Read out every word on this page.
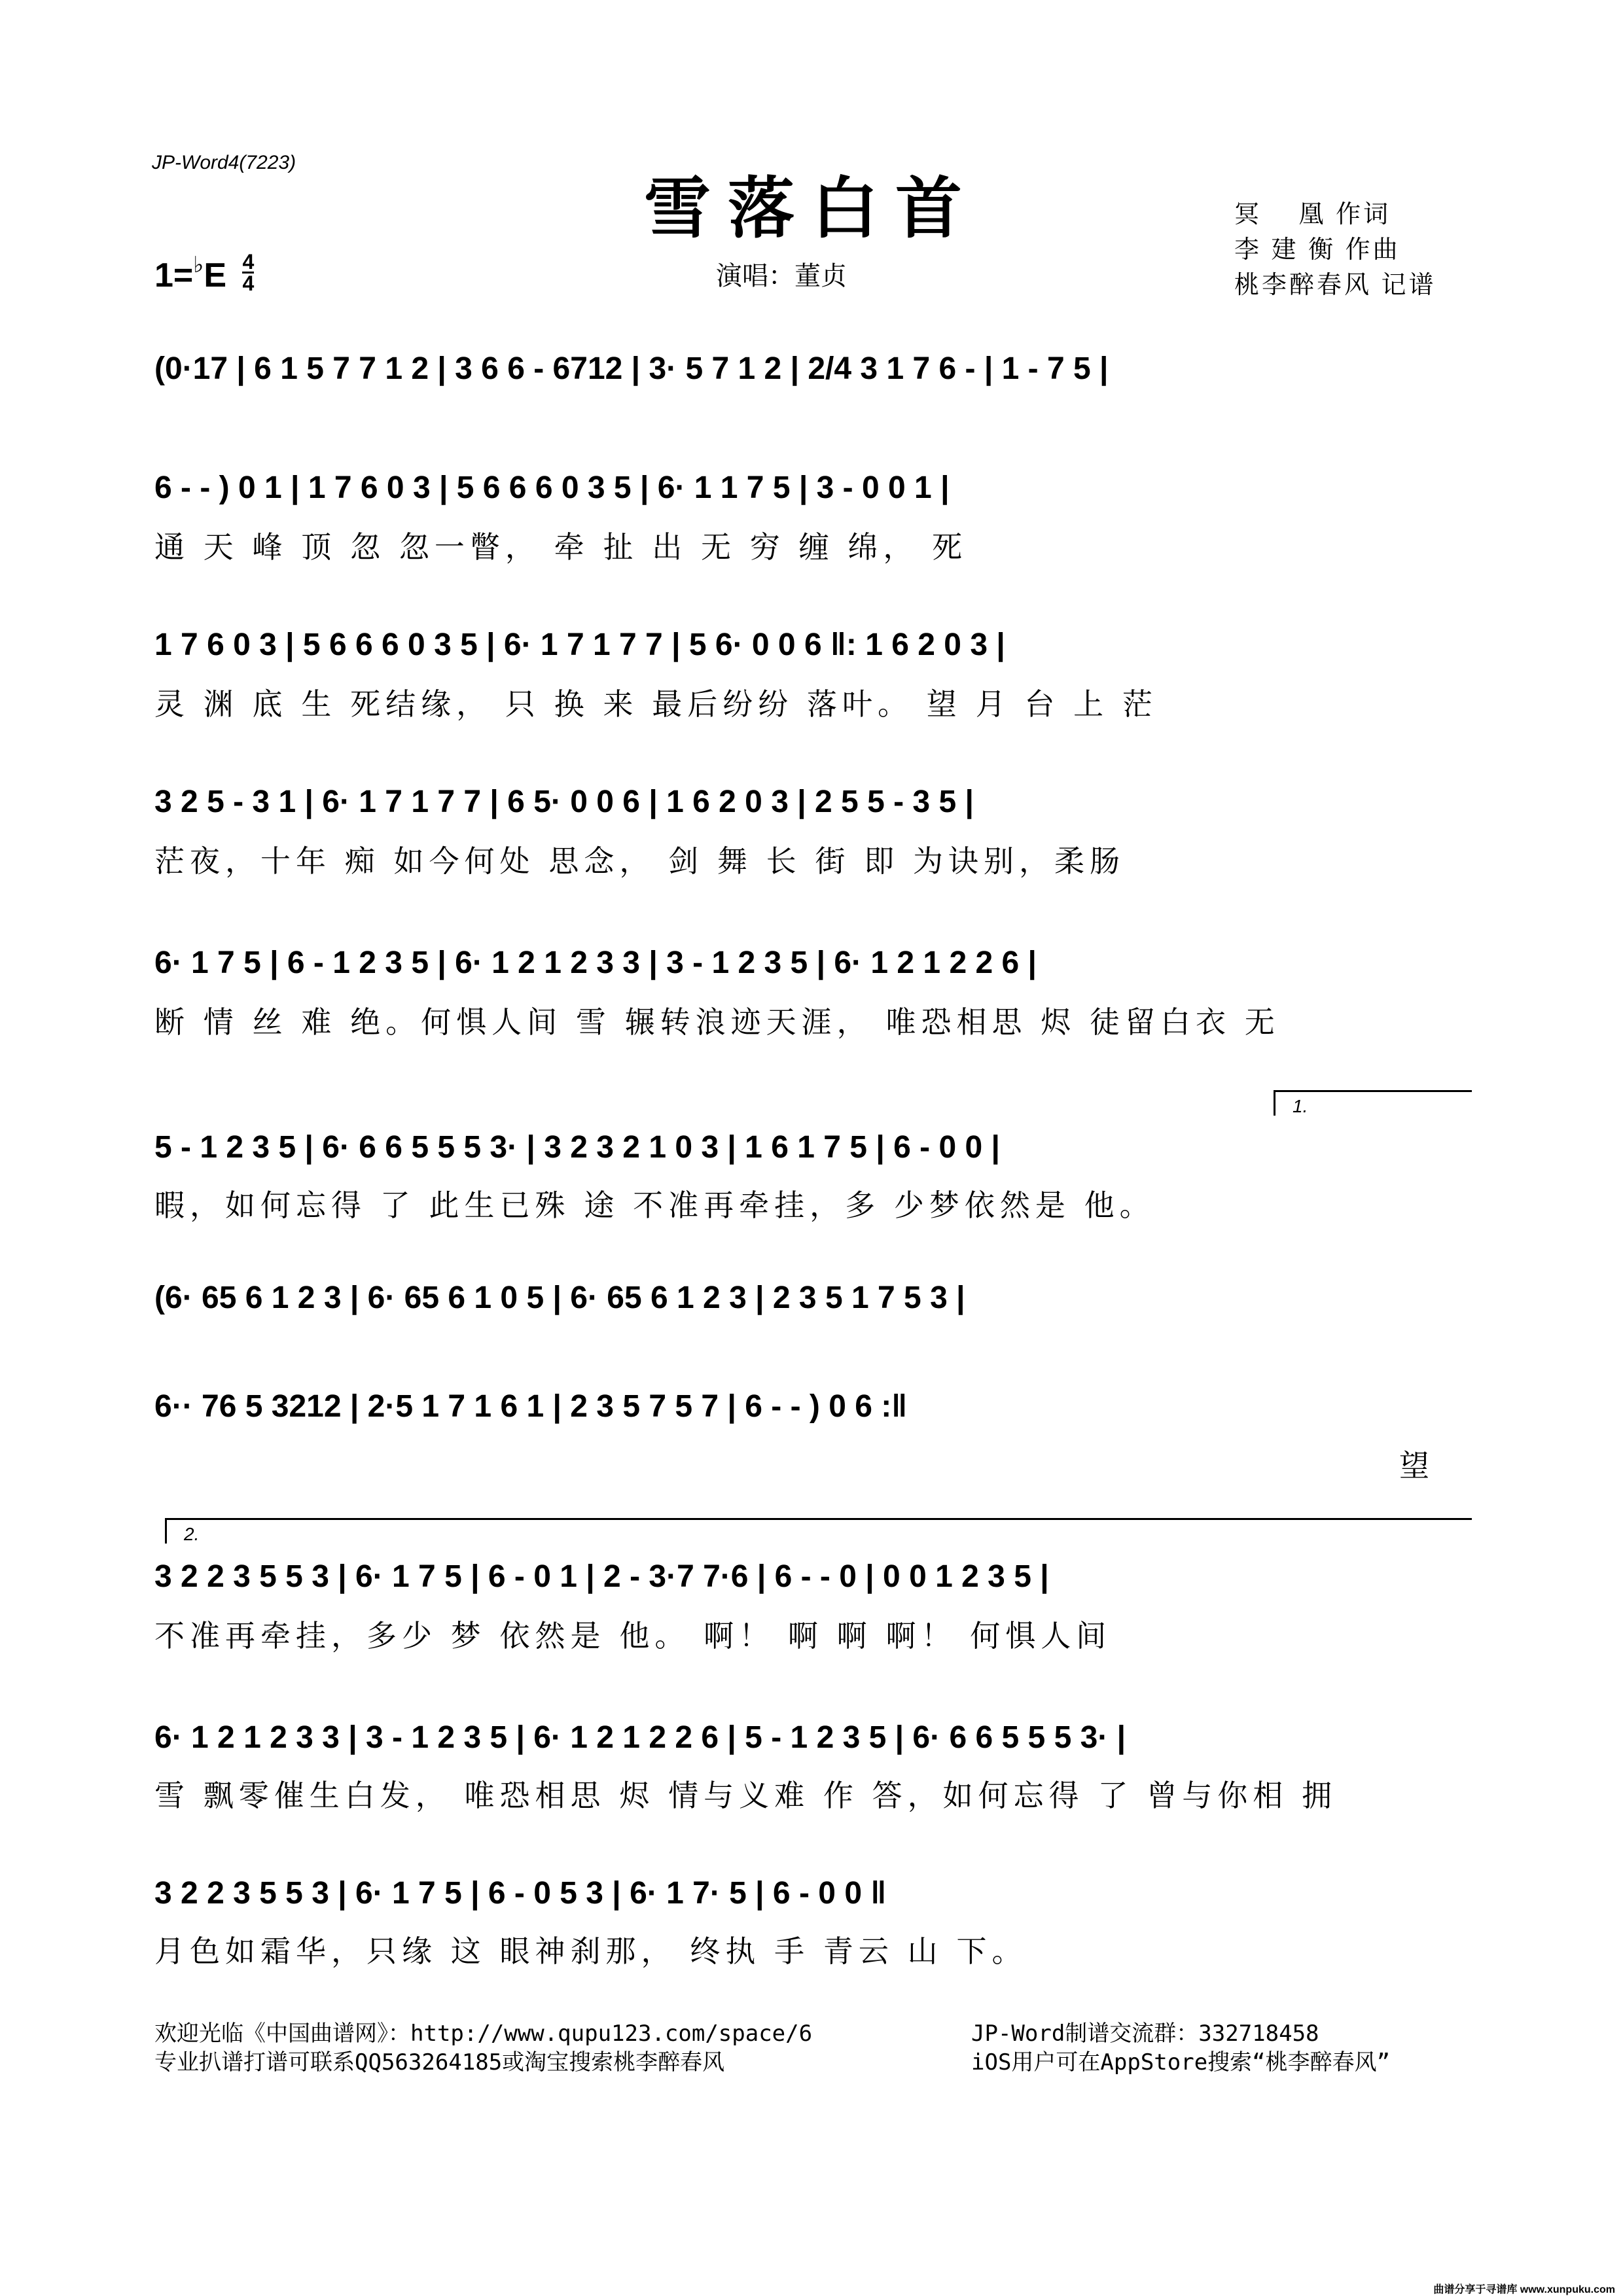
JP-Word4(7223)
雪落白首
$1=^♭E \frac{4}{4}$	演唱：董贞
冥　 凰 作词
李 建 衡 作曲
桃李醉春风 记谱
(0·17 | 6 1 5 7 7 1 2 | 3 6 6 - 6712 | 3· 5 7 1 2 | 2/4 3 1 7 6 - | 1 - 7 5 |
6 - - ) 0 1 | 1 7 6 0 3 | 5 6 6 6 0 3 5 | 6· 1 1 7 5 | 3 - 0 0 1 |
通 天 峰 顶 忽 忽一瞥， 牵 扯 出 无 穷 缠 绵， 死
1 7 6 0 3 | 5 6 6 6 0 3 5 | 6· 1 7 1 7 7 | 5 6· 0 0 6 ‖: 1 6 2 0 3 |
灵 渊 底 生 死结缘， 只 换 来 最后纷纷 落叶。 望 月 台 上 茫
3 2 5 - 3 1 | 6· 1 7 1 7 7 | 6 5· 0 0 6 | 1 6 2 0 3 | 2 5 5 - 3 5 |
茫夜，十年 痴 如今何处 思念， 剑 舞 长 街 即 为诀别，柔肠
6· 1 7 5 | 6 - 1 2 3 5 | 6· 1 2 1 2 3 3 | 3 - 1 2 3 5 | 6· 1 2 1 2 2 6 |
断 情 丝 难 绝。何惧人间 雪 辗转浪迹天涯， 唯恐相思 烬 徒留白衣 无
1.
5 - 1 2 3 5 | 6· 6 6 5 5 5 3· | 3 2 3 2 1 0 3 | 1 6 1 7 5 | 6 - 0 0 |
暇，如何忘得 了 此生已殊 途 不准再牵挂，多 少梦依然是 他。
(6· 65 6 1 2 3 | 6· 65 6 1 0 5 | 6· 65 6 1 2 3 | 2 3 5 1 7 5 3 |
6·· 76 5 3212 | 2·5 1 7 1 6 1 | 2 3 5 7 5 7 | 6 - - ) 0 6 :‖
望
2.
3 2 2 3 5 5 3 | 6· 1 7 5 | 6 - 0 1 | 2 - 3·7 7·6 | 6 - - 0 | 0 0 1 2 3 5 |
不准再牵挂，多少 梦 依然是 他。 啊！ 啊 啊 啊！ 何惧人间
6· 1 2 1 2 3 3 | 3 - 1 2 3 5 | 6· 1 2 1 2 2 6 | 5 - 1 2 3 5 | 6· 6 6 5 5 5 3· |
雪 飘零催生白发， 唯恐相思 烬 情与义难 作 答，如何忘得 了 曾与你相 拥
3 2 2 3 5 5 3 | 6· 1 7 5 | 6 - 0 5 3 | 6· 1 7· 5 | 6 - 0 0 ‖
月色如霜华，只缘 这 眼神刹那， 终执 手 青云 山 下。
欢迎光临《中国曲谱网》：http://www.qupu123.com/space/6
专业扒谱打谱可联系QQ563264185或淘宝搜索桃李醉春风
JP-Word制谱交流群：332718458
iOS用户可在AppStore搜索“桃李醉春风”
曲谱分享于寻谱库 www.xunpuku.com
